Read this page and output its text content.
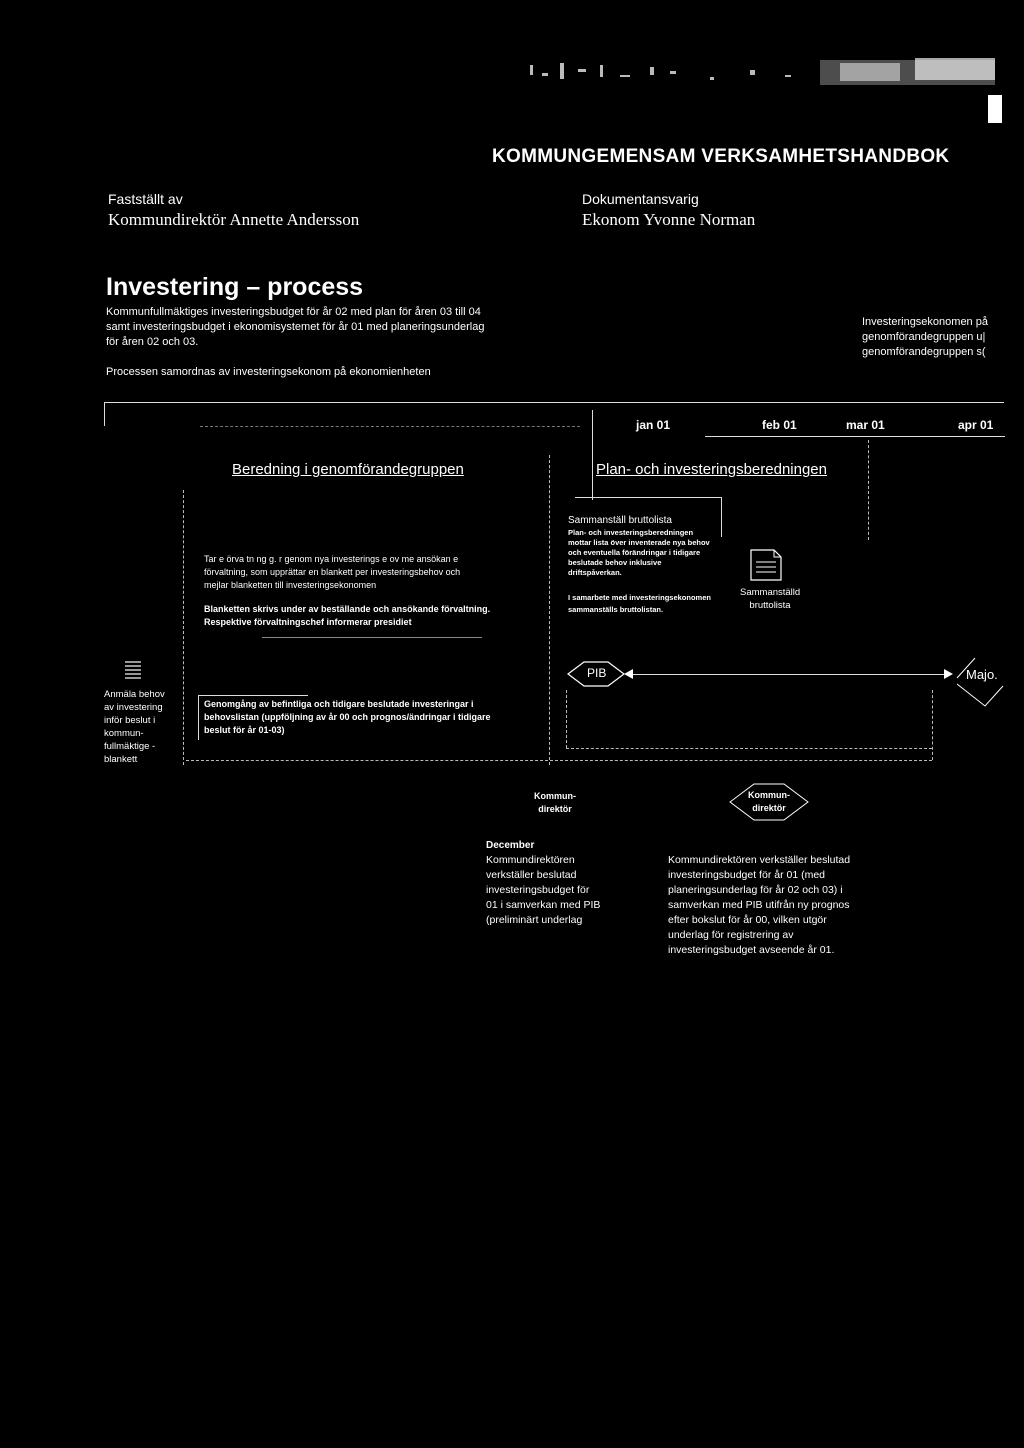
KOMMUNGEMENSAM VERKSAMHETSHANDBOK
Fastställt av
Kommundirektör Annette Andersson
Dokumentansvarig
Ekonom Yvonne Norman
Investering – process
Kommunfullmäktiges investeringsbudget för år 02 med plan för åren 03 till 04
samt investeringsbudget i ekonomisystemet för år 01 med planeringsunderlag
för åren 02 och 03.
Processen samordnas av investeringsekonom på ekonomienheten
Investeringsekonomen på
genomförandegruppen u|
genomförandegruppen s(
jan 01	feb 01	mar 01	apr 01
Beredning i genomförandegruppen	Plan- och investeringsberedningen
Tar e örva tn ng g. r genom nya investerings e ov me ansökan e
förvaltning, som upprättar en blankett per investeringsbehov och
mejlar blanketten till investeringsekonomen
Blanketten skrivs under av beställande och ansökande förvaltning.
Respektive förvaltningschef informerar presidiet
Anmäla behov
av investering
inför beslut i
kommun-
fullmäktige -
blankett
Genomgång av befintliga och tidigare beslutade investeringar i
behovslistan (uppföljning av år 00 och prognos/ändringar i tidigare
beslut för år 01-03)
Sammanställ bruttolista
Plan- och investeringsberedningen
mottar lista över inventerade nya behov
och eventuella förändringar i tidigare
beslutade behov inklusive
driftspåverkan.
I samarbete med investeringsekonomen
sammanställs bruttolistan.
Sammanställd
bruttolista
PIB	Majo.
Kommun-
direktör
Kommun-
direktör
December
Kommundirektören
verkställer beslutad
investeringsbudget för
01 i samverkan med PIB
(preliminärt underlag
Kommundirektören verkställer beslutad
investeringsbudget för år 01 (med
planeringsunderlag för år 02 och 03) i
samverkan med PIB utifrån ny prognos
efter bokslut för år 00, vilken utgör
underlag för registrering av
investeringsbudget avseende år 01.
